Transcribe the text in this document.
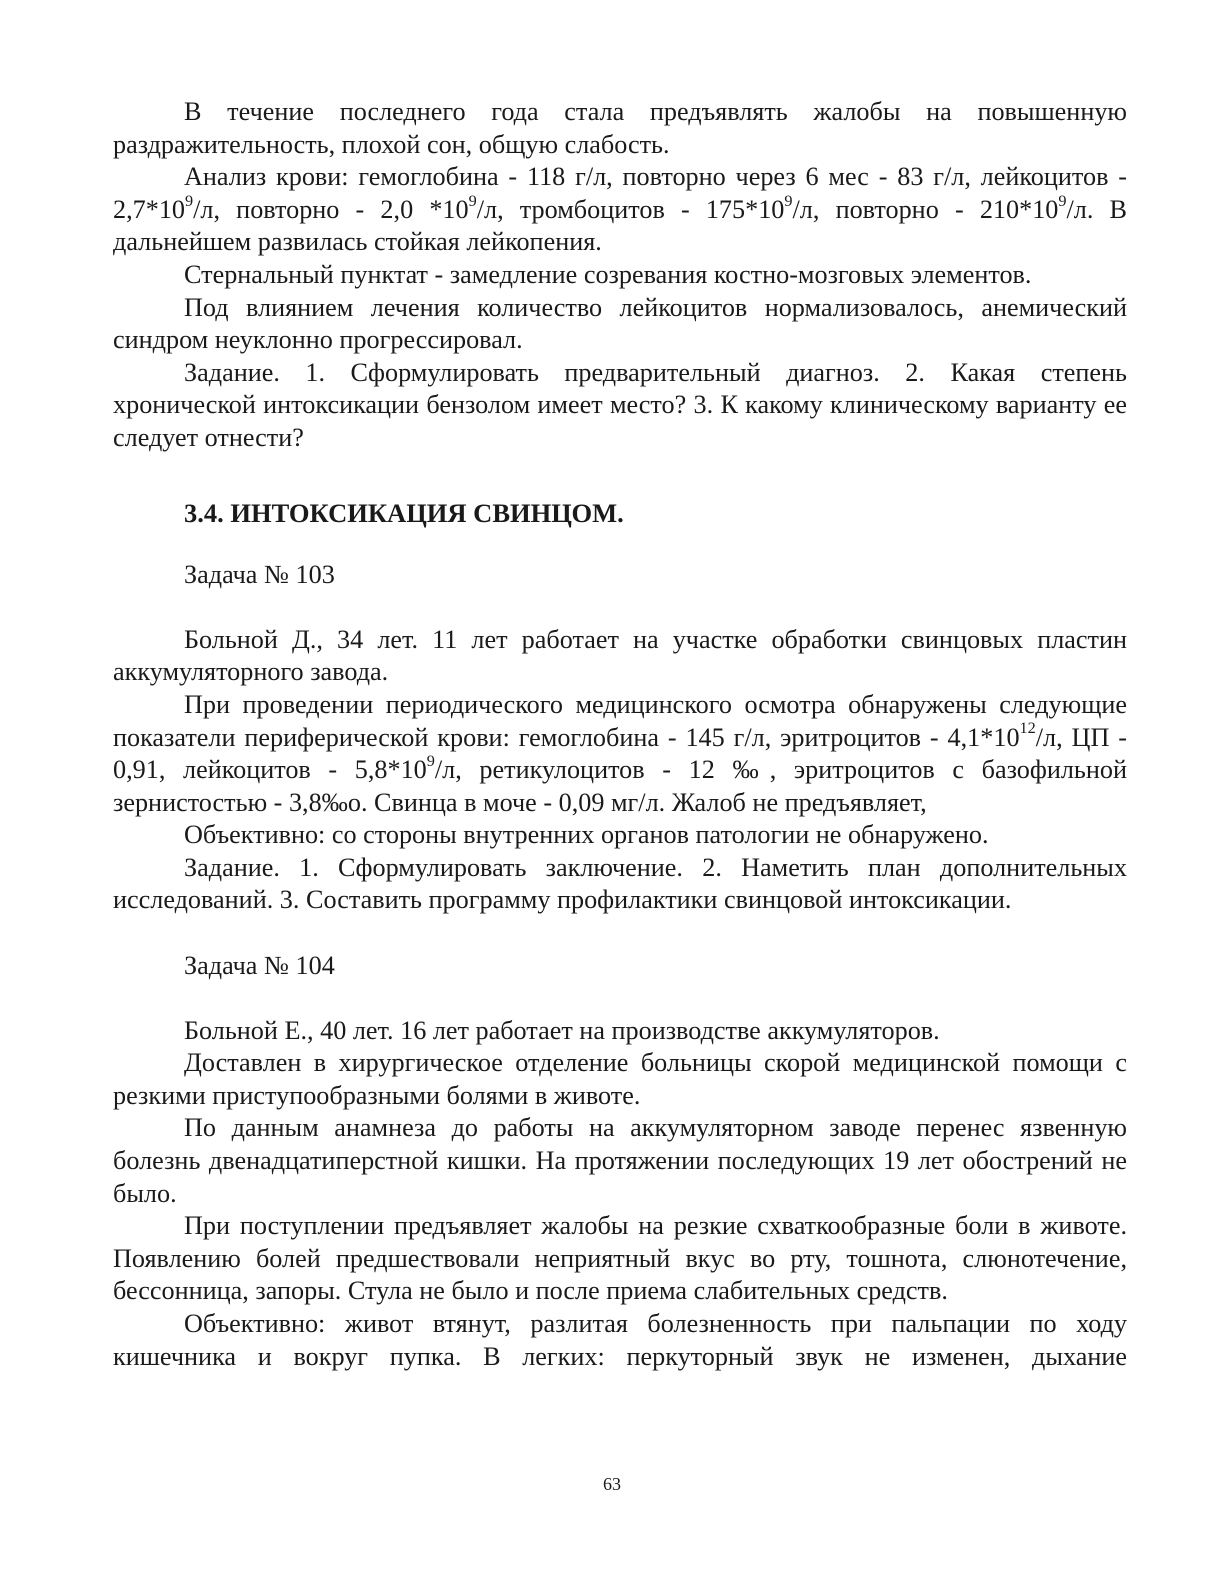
В течение последнего года стала предъявлять жалобы на повышенную раздражительность, плохой сон, общую слабость.

Анализ крови: гемоглобина - 118 г/л, повторно через 6 мес - 83 г/л, лейкоцитов - $2,7*10^9/л$, повторно - 2,0 $*10^9/л$, тромбоцитов - $175*10^9/л$, повторно - $210*10^9/л$. В дальнейшем развилась стойкая лейкопения.

Стернальный пунктат - замедление созревания костно-мозговых элементов.

Под влиянием лечения количество лейкоцитов нормализовалось, анемический синдром неуклонно прогрессировал.

Задание. 1. Сформулировать предварительный диагноз. 2. Какая степень хронической интоксикации бензолом имеет место? 3. К какому клиническому варианту ее следует отнести?

3.4. ИНТОКСИКАЦИЯ СВИНЦОМ.

Задача № 103

Больной Д., 34 лет. 11 лет работает на участке обработки свинцовых пластин аккумуляторного завода.

При проведении периодического медицинского осмотра обнаружены следующие показатели периферической крови: гемоглобина - 145 г/л, эритроцитов - $4,1*10^{12}/л$, ЦП - 0,91, лейкоцитов - $5,8*10^9/л$, ретикулоцитов - 12 ‰, эритроцитов с базофильной зернистостью - 3,8‰о. Свинца в моче - 0,09 мг/л. Жалоб не предъявляет,

Объективно: со стороны внутренних органов патологии не обнаружено.

Задание. 1. Сформулировать заключение. 2. Наметить план дополнительных исследований. 3. Составить программу профилактики свинцовой интоксикации.

Задача № 104

Больной Е., 40 лет. 16 лет работает на производстве аккумуляторов.

Доставлен в хирургическое отделение больницы скорой медицинской помощи с резкими приступообразными болями в животе.

По данным анамнеза до работы на аккумуляторном заводе перенес язвенную болезнь двенадцатиперстной кишки. На протяжении последующих 19 лет обострений не было.

При поступлении предъявляет жалобы на резкие схваткообразные боли в животе. Появлению болей предшествовали неприятный вкус во рту, тошнота, слюнотечение, бессонница, запоры. Стула не было и после приема слабительных средств.

Объективно: живот втянут, разлитая болезненность при пальпации по ходу кишечника и вокруг пупка. В легких: перкуторный звук не изменен, дыхание

63
